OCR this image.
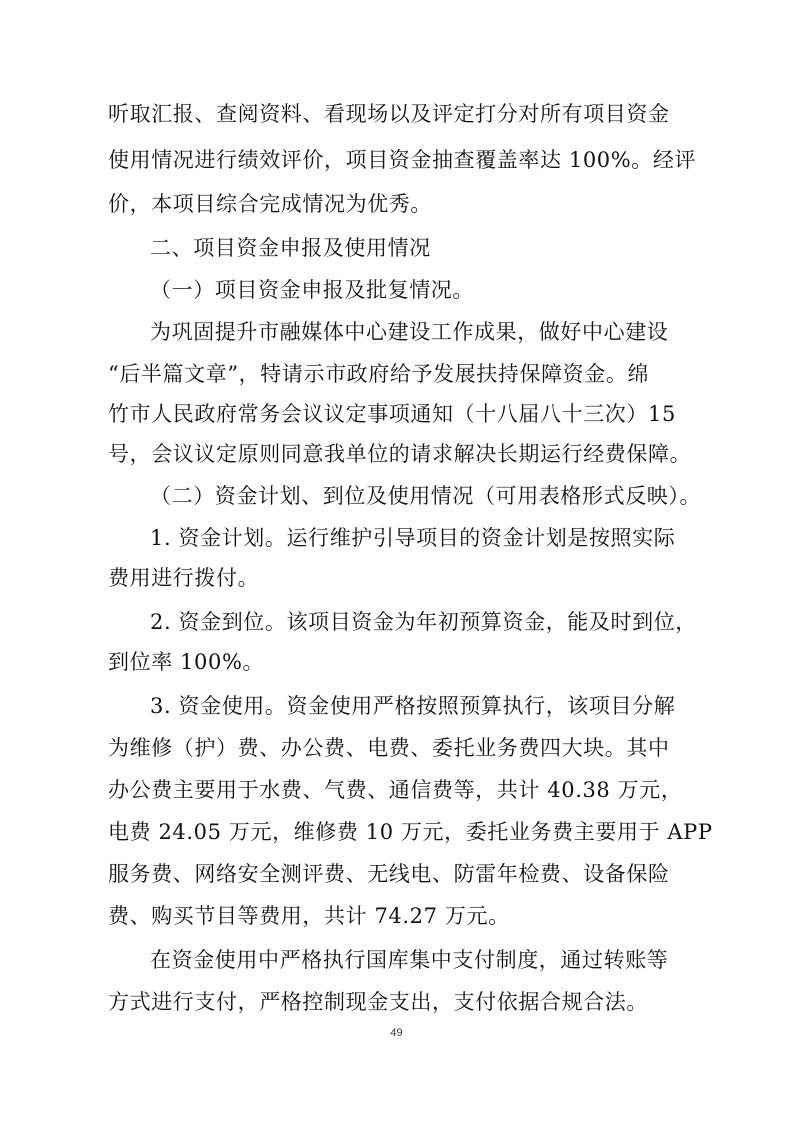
听取汇报、查阅资料、看现场以及评定打分对所有项目资金
使用情况进行绩效评价，项目资金抽查覆盖率达 100%。经评
价，本项目综合完成情况为优秀。
二、项目资金申报及使用情况
（一）项目资金申报及批复情况。
为巩固提升市融媒体中心建设工作成果，做好中心建设
“后半篇文章”，特请示市政府给予发展扶持保障资金。绵
竹市人民政府常务会议议定事项通知（十八届八十三次）15
号，会议议定原则同意我单位的请求解决长期运行经费保障。
（二）资金计划、到位及使用情况（可用表格形式反映）。
1. 资金计划。运行维护引导项目的资金计划是按照实际
费用进行拨付。
2. 资金到位。该项目资金为年初预算资金，能及时到位，
到位率 100%。
3. 资金使用。资金使用严格按照预算执行，该项目分解
为维修（护）费、办公费、电费、委托业务费四大块。其中
办公费主要用于水费、气费、通信费等，共计 40.38 万元，
电费 24.05 万元，维修费 10 万元，委托业务费主要用于 APP
服务费、网络安全测评费、无线电、防雷年检费、设备保险
费、购买节目等费用，共计 74.27 万元。
在资金使用中严格执行国库集中支付制度，通过转账等
方式进行支付，严格控制现金支出，支付依据合规合法。
49
